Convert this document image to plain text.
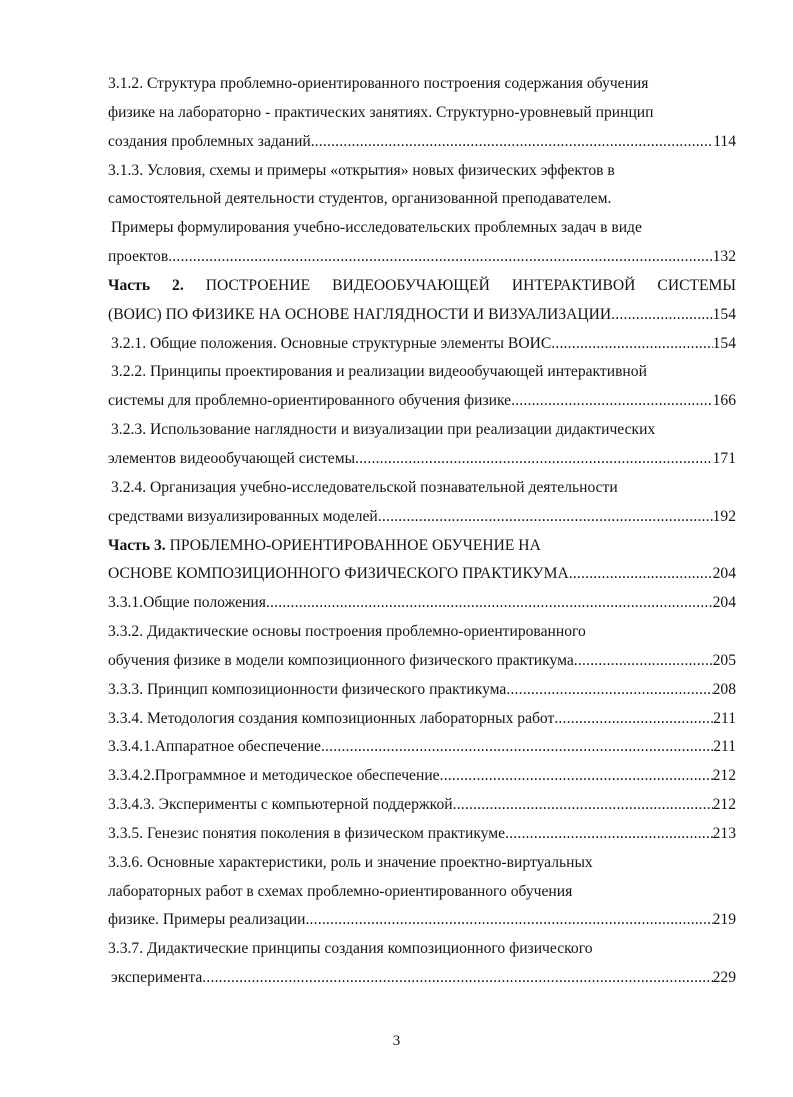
3.1.2. Структура проблемно-ориентированного построения содержания обучения
физике на лабораторно - практических занятиях. Структурно-уровневый принцип
создания проблемных заданий. .....	114
3.1.3. Условия, схемы и примеры «открытия» новых физических эффектов в
самостоятельной деятельности студентов, организованной преподавателем.
Примеры формулирования учебно-исследовательских проблемных задач в виде
проектов .....	132
Часть 2. ПОСТРОЕНИЕ ВИДЕООБУЧАЮЩЕЙ ИНТЕРАКТИВОЙ СИСТЕМЫ
(ВОИС) ПО ФИЗИКЕ НА ОСНОВЕ НАГЛЯДНОСТИ И ВИЗУАЛИЗАЦИИ .....	154
3.2.1. Общие положения. Основные структурные элементы ВОИС .....	154
3.2.2. Принципы проектирования и реализации видеообучающей интерактивной
системы для проблемно-ориентированного обучения физике .....	166
3.2.3. Использование наглядности и визуализации при реализации дидактических
элементов видеообучающей системы .....	171
3.2.4. Организация учебно-исследовательской познавательной деятельности
средствами визуализированных моделей .....	192
Часть 3. ПРОБЛЕМНО-ОРИЕНТИРОВАННОЕ ОБУЧЕНИЕ НА
ОСНОВЕ КОМПОЗИЦИОННОГО ФИЗИЧЕСКОГО ПРАКТИКУМА .....	204
3.3.1.Общие положения .....	204
3.3.2. Дидактические основы построения проблемно-ориентированного
обучения физике в модели композиционного физического практикума .....	205
3.3.3. Принцип композиционности физического практикума .....	208
3.3.4. Методология создания композиционных лабораторных работ .....	211
3.3.4.1.Аппаратное обеспечение .....	211
3.3.4.2.Программное и методическое обеспечение .....	212
3.3.4.3. Эксперименты с компьютерной поддержкой .....	212
3.3.5. Генезис понятия поколения в физическом практикуме .....	213
3.3.6. Основные характеристики, роль и значение проектно-виртуальных
лабораторных работ в схемах проблемно-ориентированного обучения
физике. Примеры реализации .....	219
3.3.7. Дидактические принципы создания композиционного физического
эксперимента .....	229
3
